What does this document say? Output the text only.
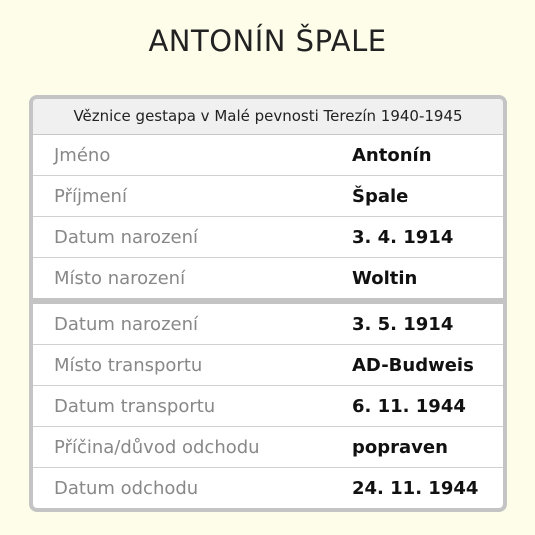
ANTONÍN ŠPALE
Věznice gestapa v Malé pevnosti Terezín 1940-1945
Jméno	Antonín
Příjmení	Špale
Datum narození	3. 4. 1914
Místo narození	Woltin
Datum narození	3. 5. 1914
Místo transportu	AD-Budweis
Datum transportu	6. 11. 1944
Příčina/důvod odchodu	popraven
Datum odchodu	24. 11. 1944
